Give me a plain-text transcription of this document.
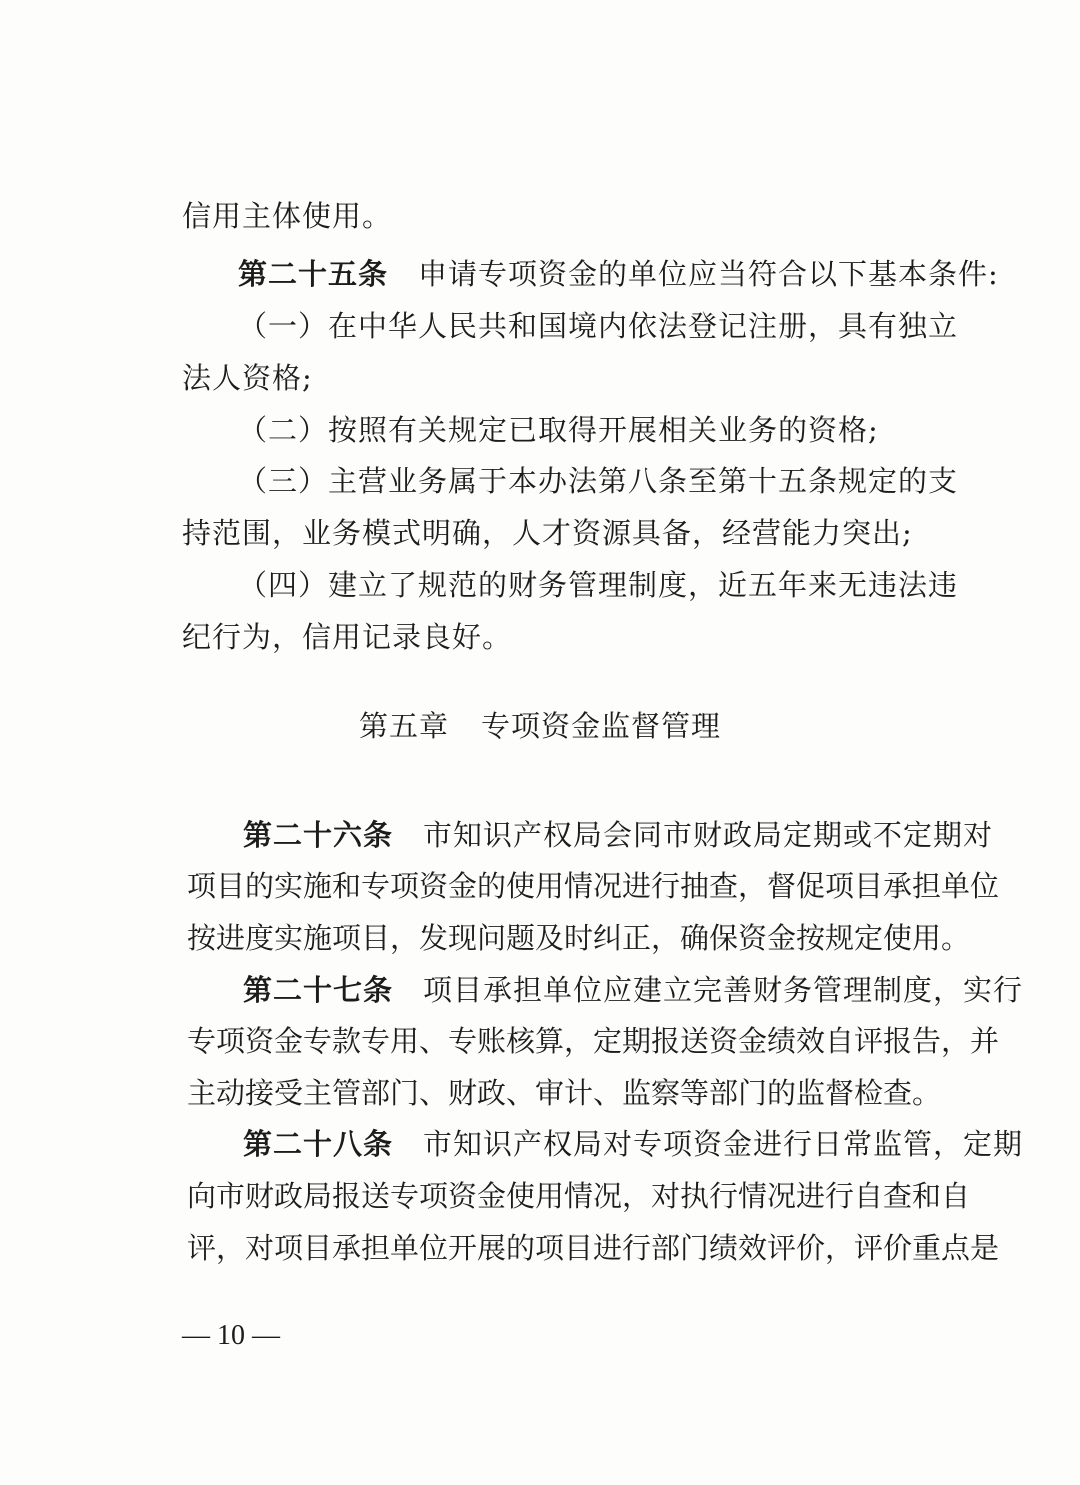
信用主体使用。
第二十五条 申请专项资金的单位应当符合以下基本条件:
（一）在中华人民共和国境内依法登记注册，具有独立
法人资格;
（二）按照有关规定已取得开展相关业务的资格;
（三）主营业务属于本办法第八条至第十五条规定的支
持范围，业务模式明确，人才资源具备，经营能力突出;
（四）建立了规范的财务管理制度，近五年来无违法违
纪行为，信用记录良好。
第五章 专项资金监督管理
第二十六条 市知识产权局会同市财政局定期或不定期对
项目的实施和专项资金的使用情况进行抽查，督促项目承担单位
按进度实施项目，发现问题及时纠正，确保资金按规定使用。
第二十七条 项目承担单位应建立完善财务管理制度，实行
专项资金专款专用、专账核算，定期报送资金绩效自评报告，并
主动接受主管部门、财政、审计、监察等部门的监督检查。
第二十八条 市知识产权局对专项资金进行日常监管，定期
向市财政局报送专项资金使用情况，对执行情况进行自查和自
评，对项目承担单位开展的项目进行部门绩效评价，评价重点是
— 10 —
